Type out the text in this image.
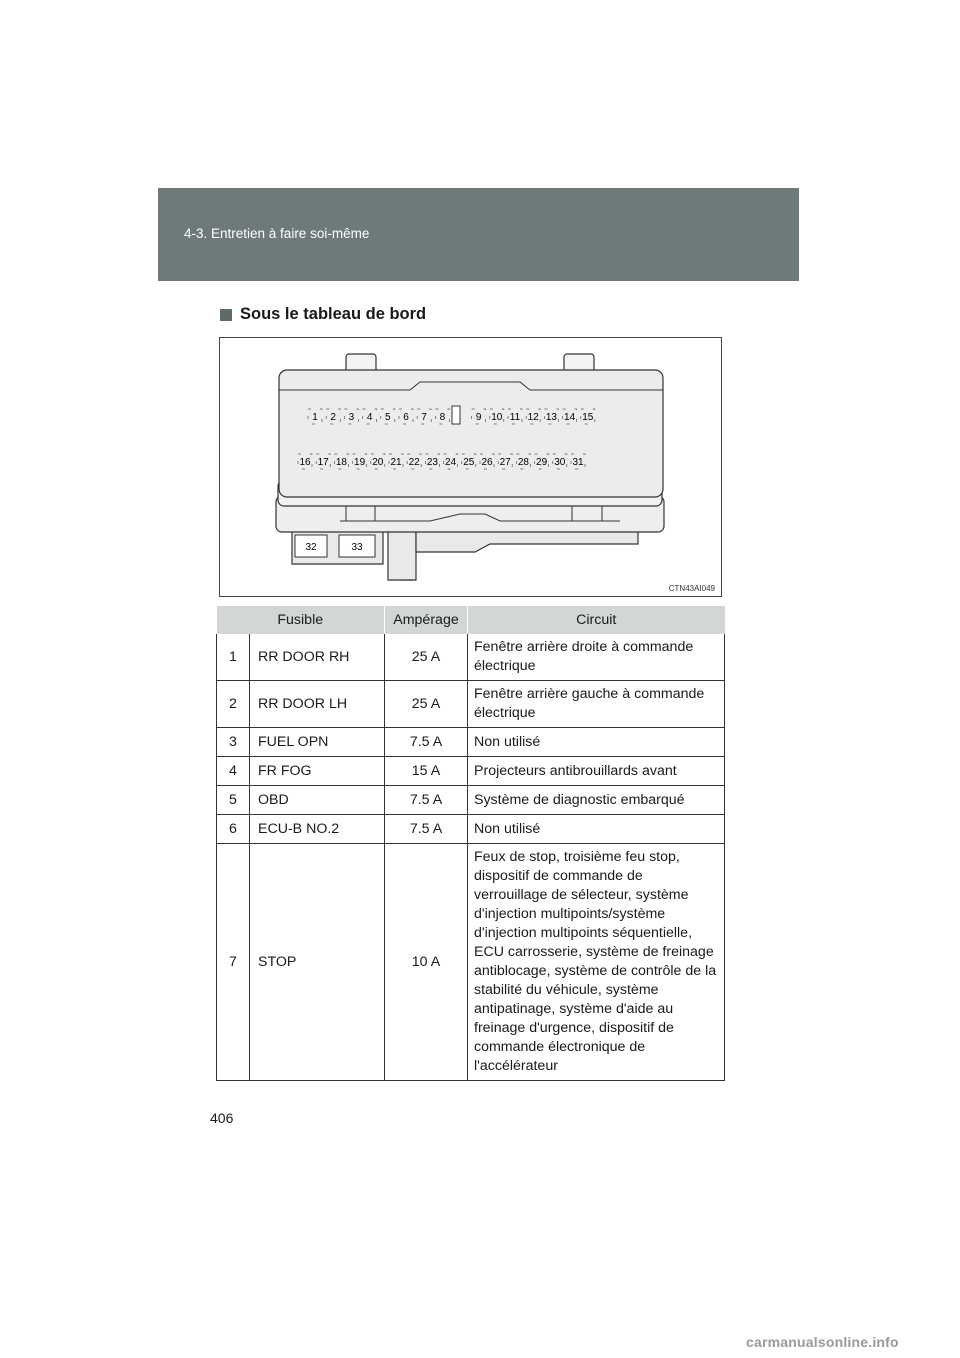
4-3. Entretien à faire soi-même
Sous le tableau de bord
1 2 3 4 5 6 7 8	9 10 11 12 13 14 15
16 17 18 19 20 21 22 23 24 25 26 27 28 29 30 31
32	33
CTN43AI049
Fusible		Ampérage	Circuit
1	RR DOOR RH	25 A	Fenêtre arrière droite à commande électrique
2	RR DOOR LH	25 A	Fenêtre arrière gauche à commande électrique
3	FUEL OPN	7.5 A	Non utilisé
4	FR FOG	15 A	Projecteurs antibrouillards avant
5	OBD	7.5 A	Système de diagnostic embarqué
6	ECU-B NO.2	7.5 A	Non utilisé
7	STOP	10 A	Feux de stop, troisième feu stop, dispositif de commande de verrouillage de sélecteur, système d'injection multipoints/système d'injection multipoints séquentielle, ECU carrosserie, système de freinage antiblocage, système de contrôle de la stabilité du véhicule, système antipatinage, système d'aide au freinage d'urgence, dispositif de commande électronique de l'accélérateur
406
carmanualsonline.info
